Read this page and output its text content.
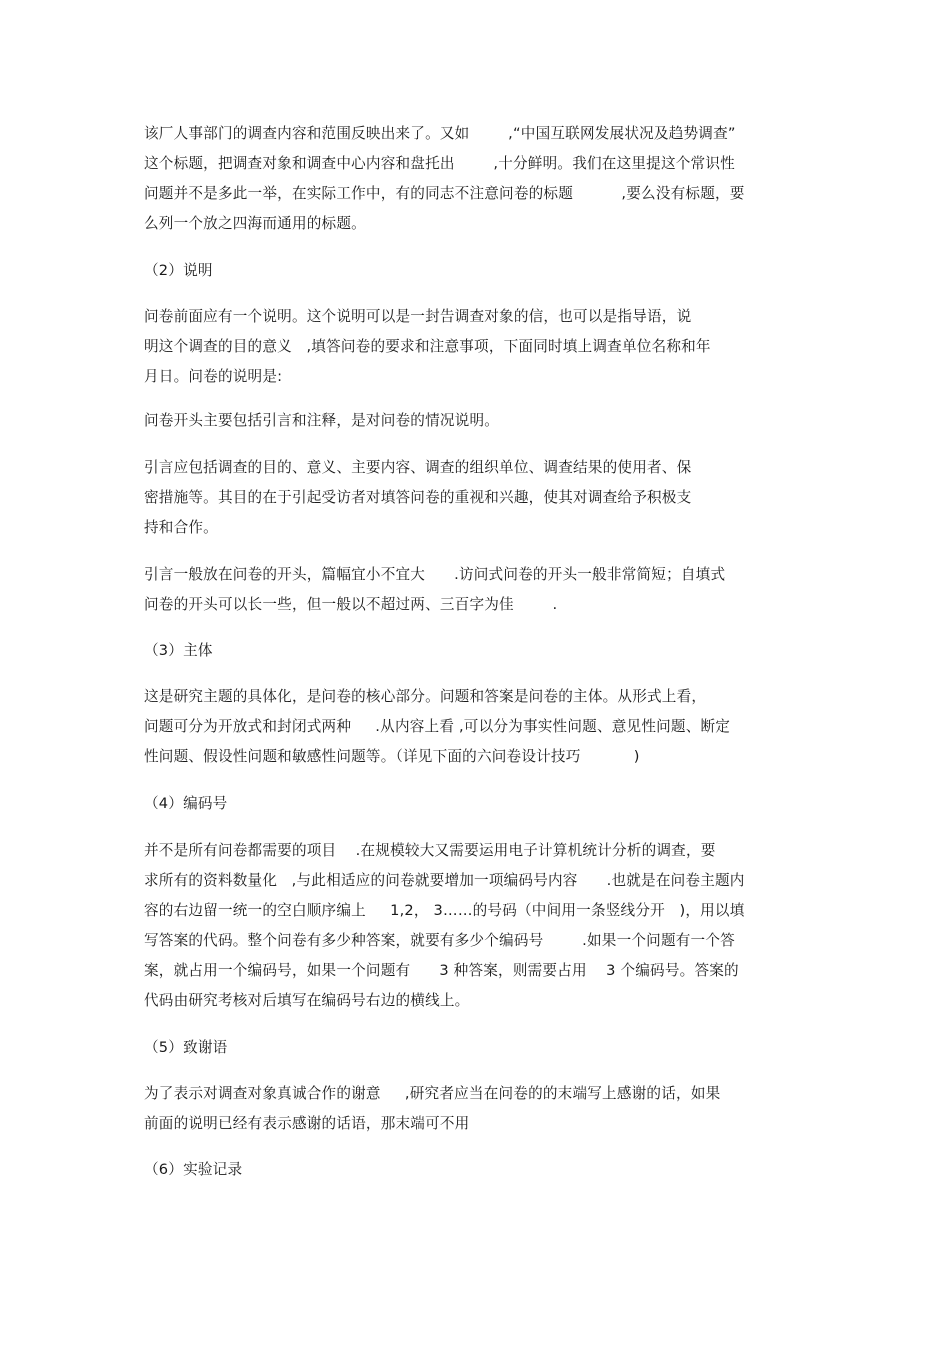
该厂人事部门的调查内容和范围反映出来了。又如        ,“中国互联网发展状况及趋势调查”
这个标题，把调查对象和调查中心内容和盘托出        ,十分鲜明。我们在这里提这个常识性
问题并不是多此一举，在实际工作中，有的同志不注意问卷的标题          ,要么没有标题，要
么列一个放之四海而通用的标题。
（2）说明
问卷前面应有一个说明。这个说明可以是一封告调查对象的信，也可以是指导语，说
明这个调查的目的意义   ,填答问卷的要求和注意事项，下面同时填上调查单位名称和年
月日。问卷的说明是:
问卷开头主要包括引言和注释，是对问卷的情况说明。
引言应包括调查的目的、意义、主要内容、调查的组织单位、调查结果的使用者、保
密措施等。其目的在于引起受访者对填答问卷的重视和兴趣，使其对调查给予积极支
持和合作。
引言一般放在问卷的开头，篇幅宜小不宜大      .访问式问卷的开头一般非常简短；自填式
问卷的开头可以长一些，但一般以不超过两、三百字为佳        .
（3）主体
这是研究主题的具体化，是问卷的核心部分。问题和答案是问卷的主体。从形式上看，
问题可分为开放式和封闭式两种     .从内容上看 ,可以分为事实性问题、意见性问题、断定
性问题、假设性问题和敏感性问题等。（详见下面的六问卷设计技巧           )
（4）编码号
并不是所有问卷都需要的项目    .在规模较大又需要运用电子计算机统计分析的调查，要
求所有的资料数量化   ,与此相适应的问卷就要增加一项编码号内容      .也就是在问卷主题内
容的右边留一统一的空白顺序编上     1,2， 3……的号码（中间用一条竖线分开   )，用以填
写答案的代码。整个问卷有多少种答案，就要有多少个编码号        .如果一个问题有一个答
案，就占用一个编码号，如果一个问题有      3 种答案，则需要占用    3 个编码号。答案的
代码由研究考核对后填写在编码号右边的横线上。
（5）致谢语
为了表示对调查对象真诚合作的谢意     ,研究者应当在问卷的的末端写上感谢的话，如果
前面的说明已经有表示感谢的话语，那末端可不用
（6）实验记录
